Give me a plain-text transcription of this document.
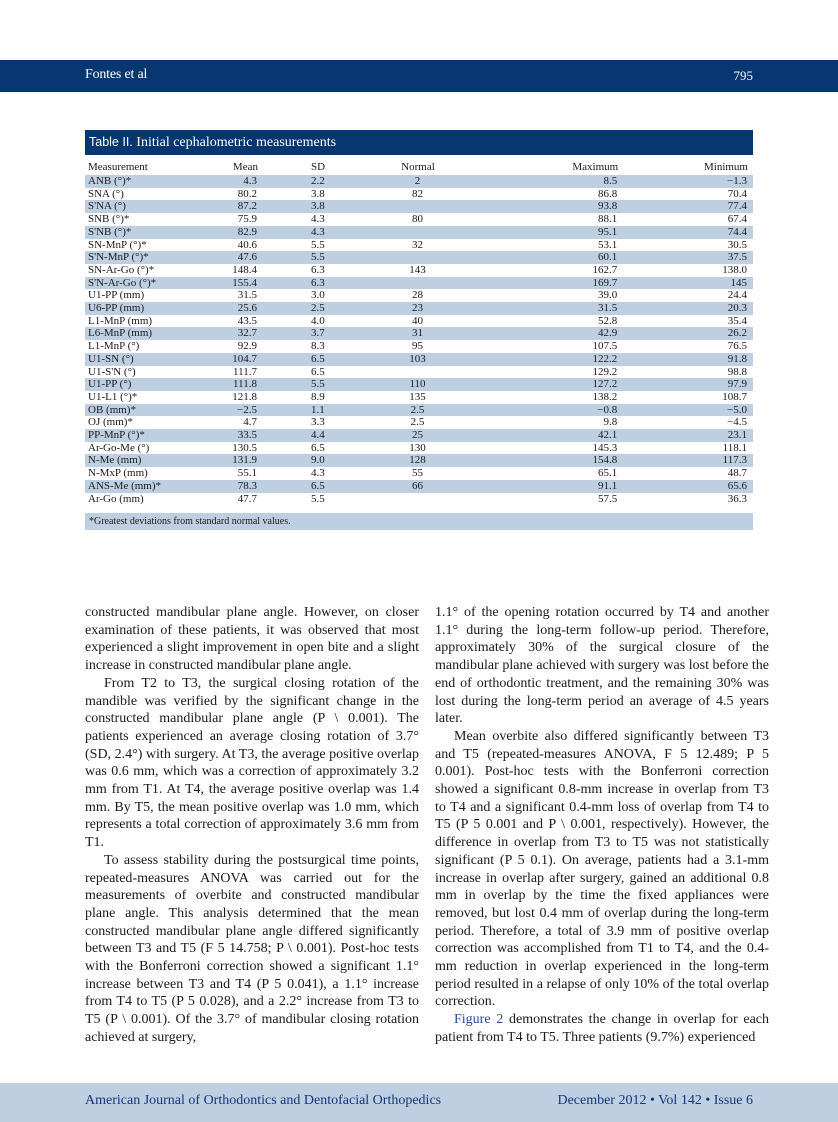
Fontes et al	795
Table II. Initial cephalometric measurements
Measurement	Mean	SD	Normal	Maximum	Minimum
ANB (°)*	4.3	2.2	2	8.5	−1.3
SNA (°)	80.2	3.8	82	86.8	70.4
S'NA (°)	87.2	3.8		93.8	77.4
SNB (°)*	75.9	4.3	80	88.1	67.4
S'NB (°)*	82.9	4.3		95.1	74.4
SN-MnP (°)*	40.6	5.5	32	53.1	30.5
S'N-MnP (°)*	47.6	5.5		60.1	37.5
SN-Ar-Go (°)*	148.4	6.3	143	162.7	138.0
S'N-Ar-Go (°)*	155.4	6.3		169.7	145
U1-PP (mm)	31.5	3.0	28	39.0	24.4
U6-PP (mm)	25.6	2.5	23	31.5	20.3
L1-MnP (mm)	43.5	4.0	40	52.8	35.4
L6-MnP (mm)	32.7	3.7	31	42.9	26.2
L1-MnP (°)	92.9	8.3	95	107.5	76.5
U1-SN (°)	104.7	6.5	103	122.2	91.8
U1-S'N (°)	111.7	6.5		129.2	98.8
U1-PP (°)	111.8	5.5	110	127.2	97.9
U1-L1 (°)*	121.8	8.9	135	138.2	108.7
OB (mm)*	−2.5	1.1	2.5	−0.8	−5.0
OJ (mm)*	4.7	3.3	2.5	9.8	−4.5
PP-MnP (°)*	33.5	4.4	25	42.1	23.1
Ar-Go-Me (°)	130.5	6.5	130	145.3	118.1
N-Me (mm)	131.9	9.0	128	154.8	117.3
N-MxP (mm)	55.1	4.3	55	65.1	48.7
ANS-Me (mm)*	78.3	6.5	66	91.1	65.6
Ar-Go (mm)	47.7	5.5		57.5	36.3
*Greatest deviations from standard normal values.

constructed mandibular plane angle. However, on closer examination of these patients, it was observed that most experienced a slight improvement in open bite and a slight increase in constructed mandibular plane angle.

From T2 to T3, the surgical closing rotation of the mandible was verified by the significant change in the constructed mandibular plane angle (P \ 0.001). The patients experienced an average closing rotation of 3.7° (SD, 2.4°) with surgery. At T3, the average positive overlap was 0.6 mm, which was a correction of approximately 3.2 mm from T1. At T4, the average positive overlap was 1.4 mm. By T5, the mean positive overlap was 1.0 mm, which represents a total correction of approximately 3.6 mm from T1.

To assess stability during the postsurgical time points, repeated-measures ANOVA was carried out for the measurements of overbite and constructed mandibular plane angle. This analysis determined that the mean constructed mandibular plane angle differed significantly between T3 and T5 (F 5 14.758; P \ 0.001). Post-hoc tests with the Bonferroni correction showed a significant 1.1° increase between T3 and T4 (P 5 0.041), a 1.1° increase from T4 to T5 (P 5 0.028), and a 2.2° increase from T3 to T5 (P \ 0.001). Of the 3.7° of mandibular closing rotation achieved at surgery,

1.1° of the opening rotation occurred by T4 and another 1.1° during the long-term follow-up period. Therefore, approximately 30% of the surgical closure of the mandibular plane achieved with surgery was lost before the end of orthodontic treatment, and the remaining 30% was lost during the long-term period an average of 4.5 years later.

Mean overbite also differed significantly between T3 and T5 (repeated-measures ANOVA, F 5 12.489; P 5 0.001). Post-hoc tests with the Bonferroni correction showed a significant 0.8-mm increase in overlap from T3 to T4 and a significant 0.4-mm loss of overlap from T4 to T5 (P 5 0.001 and P \ 0.001, respectively). However, the difference in overlap from T3 to T5 was not statistically significant (P 5 0.1). On average, patients had a 3.1-mm increase in overlap after surgery, gained an additional 0.8 mm in overlap by the time the fixed appliances were removed, but lost 0.4 mm of overlap during the long-term period. Therefore, a total of 3.9 mm of positive overlap correction was accomplished from T1 to T4, and the 0.4-mm reduction in overlap experienced in the long-term period resulted in a relapse of only 10% of the total overlap correction.

Figure 2 demonstrates the change in overlap for each patient from T4 to T5. Three patients (9.7%) experienced

American Journal of Orthodontics and Dentofacial Orthopedics	December 2012 • Vol 142 • Issue 6
